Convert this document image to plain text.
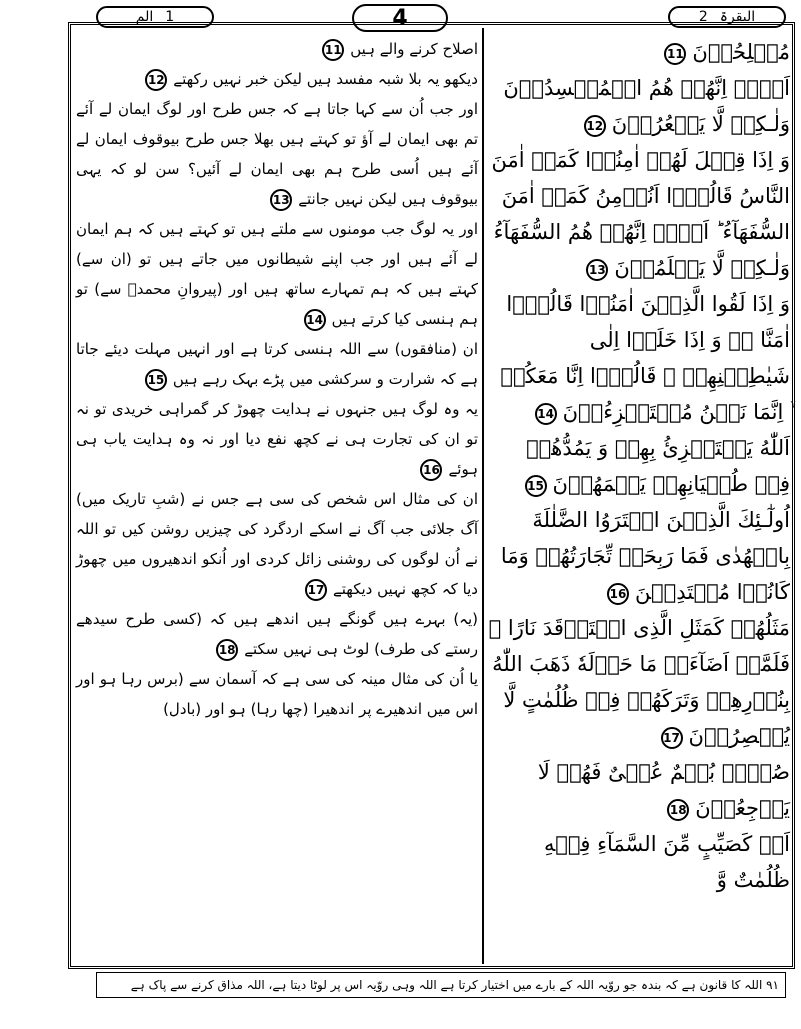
الم 1	4	2 البقرۃ
مُصۡلِحُوۡنَ11
اَلَاۤ اِنَّهُمۡ هُمُ الۡمُفۡسِدُوۡنَ وَلٰـكِنۡ لَّا يَشۡعُرُوۡنَ12
وَ اِذَا قِيۡلَ لَهُمۡ اٰمِنُوۡا كَمَاۤ اٰمَنَ النَّاسُ قَالُوۡۤا اَنُؤۡمِنُ كَمَاۤ اٰمَنَ السُّفَهَآءُ ؕ اَلَاۤ اِنَّهُمۡ هُمُ السُّفَهَآءُ وَلٰـكِنۡ لَّا يَعۡلَمُوۡنَ13
وَ اِذَا لَقُوا الَّذِيۡنَ اٰمَنُوۡا قَالُوۡۤا اٰمَنَّا ۖۚ وَ اِذَا خَلَوۡا اِلٰى شَيٰطِيۡنِهِمۡ ۙ قَالُوۡۤا اِنَّا مَعَكُمۡ ۙ اِنَّمَا نَحۡنُ مُسۡتَهۡزِءُوۡنَ14
اَللّٰهُ يَسۡتَهۡزِئُ بِهِمۡ وَ يَمُدُّهُمۡ فِىۡ طُغۡيَانِهِمۡ يَعۡمَهُوۡنَ15
اُولٰٓـئِكَ الَّذِيۡنَ اشۡتَرَوُا الضَّلٰلَةَ بِالۡهُدٰى فَمَا رَبِحَتۡ تِّجَارَتُهُمۡ وَمَا كَانُوۡا مُهۡتَدِيۡنَ16
مَثَلُهُمۡ كَمَثَلِ الَّذِى اسۡتَوۡقَدَ نَارًا ۚ فَلَمَّاۤ اَضَآءَتۡ مَا حَوۡلَهٗ ذَهَبَ اللّٰهُ بِنُوۡرِهِمۡ وَتَرَكَهُمۡ فِىۡ ظُلُمٰتٍ لَّا يُبۡصِرُوۡنَ17
صُمٌّۢ بُكۡمٌ عُمۡىٌ فَهُمۡ لَا يَرۡجِعُوۡنَ18
اَوۡ كَصَيِّبٍ مِّنَ السَّمَآءِ فِيۡهِ ظُلُمٰتٌ وَّ
اصلاح کرنے والے ہیں11
دیکھو یہ بلا شبہ مفسد ہیں لیکن خبر نہیں رکھتے12
اور جب اُن سے کہا جاتا ہے کہ جس طرح اور لوگ ایمان لے آئے تم بھی ایمان لے آؤ تو کہتے ہیں بھلا جس طرح بیوقوف ایمان لے آئے ہیں اُسی طرح ہم بھی ایمان لے آئیں؟ سن لو کہ یہی بیوقوف ہیں لیکن نہیں جانتے13
اور یہ لوگ جب مومنوں سے ملتے ہیں تو کہتے ہیں کہ ہم ایمان لے آئے ہیں اور جب اپنے شیطانوں میں جاتے ہیں تو (ان سے) کہتے ہیں کہ ہم تمہارے ساتھ ہیں اور (پیروانِ محمدؐ سے) تو ہم ہنسی کیا کرتے ہیں14
ان (منافقوں) سے اللہ ہنسی کرتا ہے اور انہیں مہلت دیئے جاتا ہے کہ شرارت و سرکشی میں پڑے بہک رہے ہیں15
یہ وہ لوگ ہیں جنہوں نے ہدایت چھوڑ کر گمراہی خریدی تو نہ تو ان کی تجارت ہی نے کچھ نفع دیا اور نہ وہ ہدایت یاب ہی ہوئے16
ان کی مثال اس شخص کی سی ہے جس نے (شبِ تاریک میں) آگ جلائی جب آگ نے اسکے اردگرد کی چیزیں روشن کیں تو اللہ نے اُن لوگوں کی روشنی زائل کردی اور اُنکو اندھیروں میں چھوڑ دیا کہ کچھ نہیں دیکھتے17
(یہ) بہرے ہیں گونگے ہیں اندھے ہیں کہ (کسی طرح سیدھے رستے کی طرف) لوٹ ہی نہیں سکتے18
یا اُن کی مثال مینہ کی سی ہے کہ آسمان سے (برس رہا ہو اور اس میں اندھیرے پر اندھیرا (چھا رہا) ہو اور (بادل)
۹۱ اللہ کا قانون ہے کہ بندہ جو روّیہ اللہ کے بارے میں اختیار کرتا ہے اللہ وہی روّیہ اس پر لوٹا دیتا ہے، اللہ مذاق کرنے سے پاک ہے
